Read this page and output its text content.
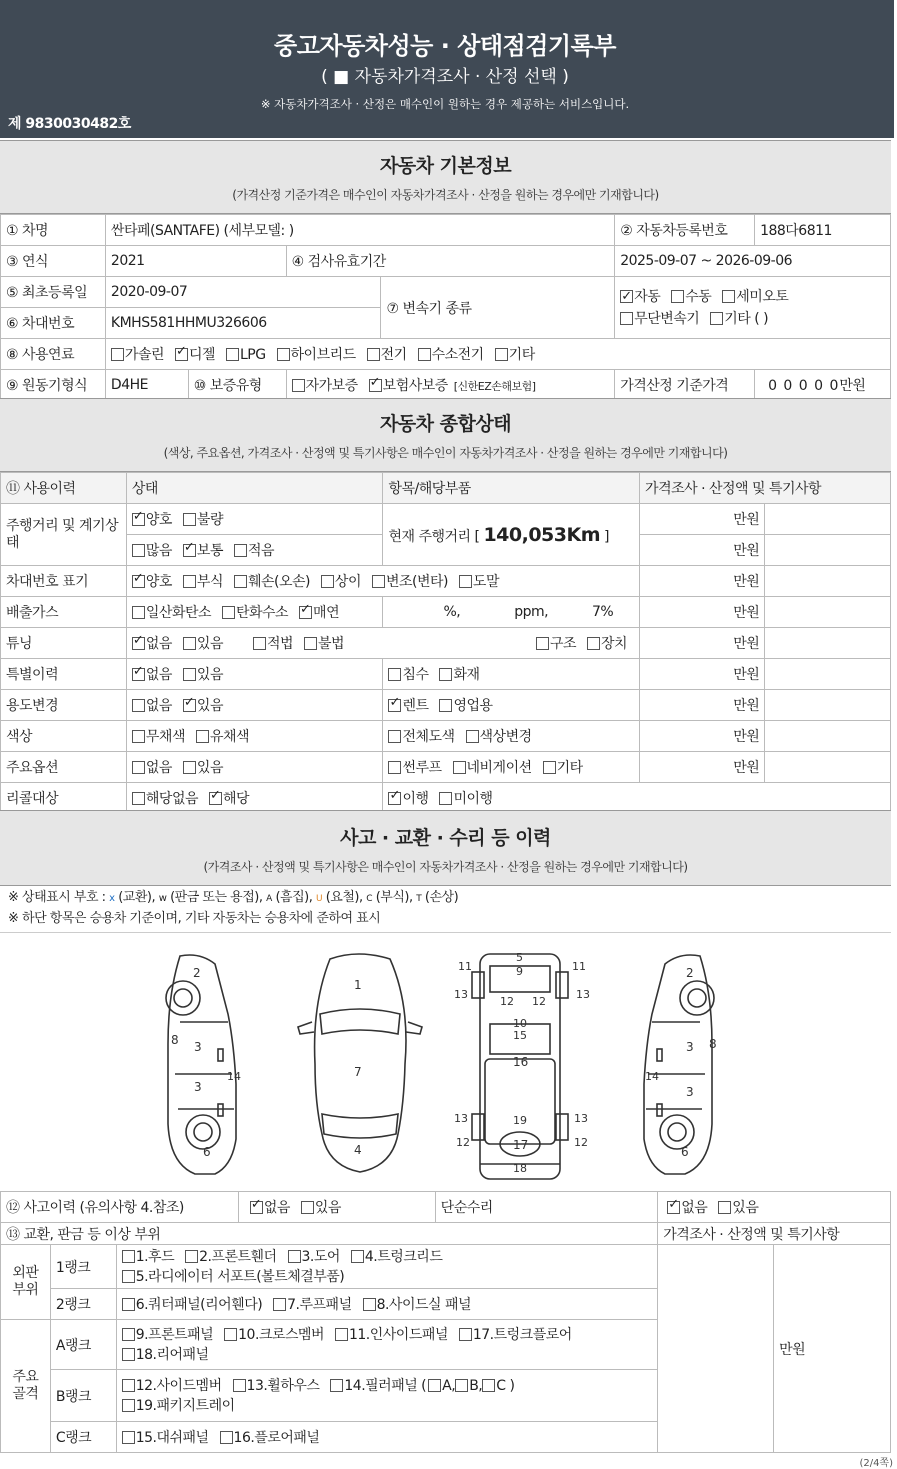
중고자동차성능 · 상태점검기록부
( ■ 자동차가격조사 · 산정 선택 )
※ 자동차가격조사 · 산정은 매수인이 원하는 경우 제공하는 서비스입니다.
제 9830030482호
자동차 기본정보
(가격산정 기준가격은 매수인이 자동차가격조사 · 산정을 원하는 경우에만 기재합니다)
① 차명	싼타페(SANTAFE) (세부모델: )				② 자동차등록번호	188다6811
③ 연식	2021		④ 검사유효기간		2025-09-07 ~ 2026-09-06	
⑤ 최초등록일	2020-09-07			⑦ 변속기 종류	✓자동 수동 세미오토
무단변속기 기타 ( )
⑥ 차대번호	KMHS581HHMU326606					
⑧ 사용연료	가솔린 ✓ 디젤 LPG 하이브리드 전기 수소전기 기타
⑨ 원동기형식	D4HE	⑩ 보증유형	자가보증 ✓ 보험사보증 [신한EZ손해보험]		가격산정 기준가격	0 0 0 0 0만원
자동차 종합상태
(색상, 주요옵션, 가격조사 · 산정액 및 특기사항은 매수인이 자동차가격조사 · 산정을 원하는 경우에만 기재합니다)
⑪ 사용이력	상태	항목/해당부품	가격조사 · 산정액 및 특기사항	
주행거리 및 계기상태	✓양호 불량	현재 주행거리 [ 140,053Km ]	만원	
	많음 ✓ 보통 적음		만원	
차대번호 표기	✓양호 부식 훼손(오손) 상이 변조(변타) 도말		만원	
배출가스	일산화탄소 탄화수소 ✓ 매연	%, ppm, 7%	만원	
튜닝	✓없음 있음 적법 불법 구조 장치		만원	
특별이력	✓없음 있음	침수 화재	만원	
용도변경	없음 ✓ 있음	✓렌트 영업용	만원	
색상	무채색 유채색	전체도색 색상변경	만원	
주요옵션	없음 있음	썬루프 네비게이션 기타	만원	
리콜대상	해당없음 ✓ 해당	✓이행 미이행
사고 · 교환 · 수리 등 이력
(가격조사 · 산정액 및 특기사항은 매수인이 자동차가격조사 · 산정을 원하는 경우에만 기재합니다)
※ 상태표시 부호 : x (교환), w (판금 또는 용접), A (흠집), U (요철), C (부식), T (손상)
※ 하단 항목은 승용차 기준이며, 기타 자동차는 승용차에 준하여 표시
2
3
3
8
14
6
1
7
4
5
9
11	11
13	13
12 12
10
15
16
13	13
19
12	12
17
18
2
3
3
8
14
6
⑫ 사고이력 (유의사항 4.참조)	✓없음 있음	단순수리	✓없음 있음
⑬ 교환, 판금 등 이상 부위			가격조사 · 산정액 및 특기사항	
외판 부위	1랭크	1.후드 2.프론트휀더 3.도어 4.트렁크리드
5.라디에이터 서포트(볼트체결부품)		만원
	2랭크	6.쿼터패널(리어휀다) 7.루프패널 8.사이드실 패널		
주요 골격	A랭크	9.프론트패널 10.크로스멤버 11.인사이드패널 17.트렁크플로어
18.리어패널		
	B랭크	12.사이드멤버 13.휠하우스 14.필러패널 ( A, B, C )
19.패키지트레이		
	C랭크	15.대쉬패널 16.플로어패널		
(2/4쪽)
